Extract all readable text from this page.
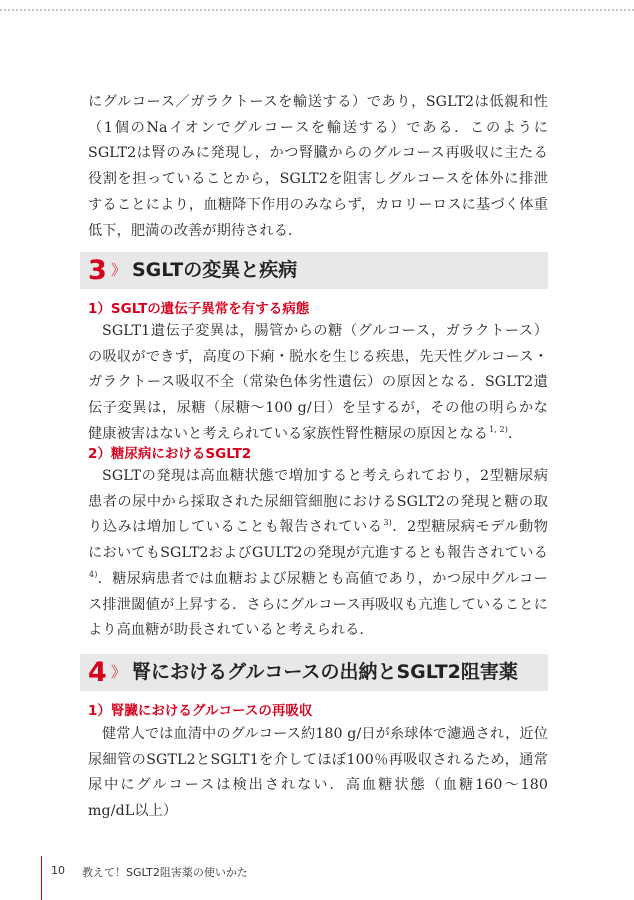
にグルコース／ガラクトースを輸送する）であり，SGLT2は低親和性（1個のNaイオンでグルコースを輸送する）である．このようにSGLT2は腎のみに発現し，かつ腎臓からのグルコース再吸収に主たる役割を担っていることから，SGLT2を阻害しグルコースを体外に排泄することにより，血糖降下作用のみならず，カロリーロスに基づく体重低下，肥満の改善が期待される．

3 》 SGLTの変異と疾病
1）SGLTの遺伝子異常を有する病態

SGLT1遺伝子変異は，腸管からの糖（グルコース，ガラクトース）の吸収ができず，高度の下痢・脱水を生じる疾患，先天性グルコース・ガラクトース吸収不全（常染色体劣性遺伝）の原因となる．SGLT2遺伝子変異は，尿糖（尿糖～100 g/日）を呈するが，その他の明らかな健康被害はないと考えられている家族性腎性糖尿の原因となる$^{1, 2)}$．

2）糖尿病におけるSGLT2

SGLTの発現は高血糖状態で増加すると考えられており，2型糖尿病患者の尿中から採取された尿細管細胞におけるSGLT2の発現と糖の取り込みは増加していることも報告されている$^{3)}$．2型糖尿病モデル動物においてもSGLT2およびGULT2の発現が亢進するとも報告されている$^{4)}$．糖尿病患者では血糖および尿糖とも高値であり，かつ尿中グルコース排泄閾値が上昇する．さらにグルコース再吸収も亢進していることにより高血糖が助長されていると考えられる．

4 》 腎におけるグルコースの出納とSGLT2阻害薬
1）腎臓におけるグルコースの再吸収

健常人では血清中のグルコース約180 g/日が糸球体で濾過され，近位尿細管のSGTL2とSGLT1を介してほぼ100％再吸収されるため，通常尿中にグルコースは検出されない．高血糖状態（血糖160～180 mg/dL以上）

10 教えて！SGLT2阻害薬の使いかた
